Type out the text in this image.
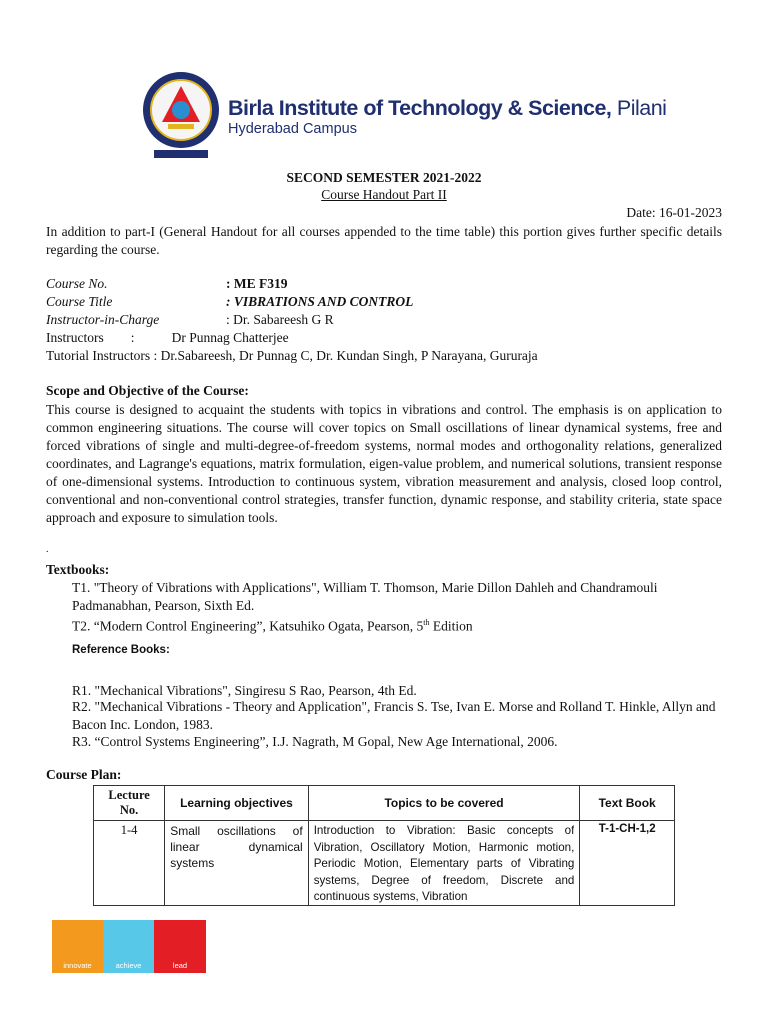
Birla Institute of Technology & Science, Pilani
Hyderabad Campus
SECOND SEMESTER 2021-2022
Course Handout Part II
Date: 16-01-2023
In addition to part-I (General Handout for all courses appended to the time table) this portion gives further specific details regarding the course.
Course No.	: ME F319
Course Title	: VIBRATIONS AND CONTROL
Instructor-in-Charge	: Dr. Sabareesh G R
Instructors        :           Dr Punnag Chatterjee
Tutorial Instructors : Dr.Sabareesh, Dr Punnag C, Dr. Kundan Singh, P Narayana, Gururaja
Scope and Objective of the Course:
This course is designed to acquaint the students with topics in vibrations and control. The emphasis is on application to common engineering situations. The course will cover topics on Small oscillations of linear dynamical systems, free and forced vibrations of single and multi-degree-of-freedom systems, normal modes and orthogonality relations, generalized coordinates, and Lagrange's equations, matrix formulation, eigen-value problem, and numerical solutions, transient response of one-dimensional systems. Introduction to continuous system, vibration measurement and analysis, closed loop control, conventional and non-conventional control strategies, transfer function, dynamic response, and stability criteria, state space approach and exposure to simulation tools.
.
Textbooks:
T1. "Theory of Vibrations with Applications", William T. Thomson, Marie Dillon Dahleh and Chandramouli Padmanabhan, Pearson, Sixth Ed.
T2. “Modern Control Engineering”, Katsuhiko Ogata, Pearson, 5th Edition
Reference Books:
R1. "Mechanical Vibrations", Singiresu S Rao, Pearson, 4th Ed.
R2. "Mechanical Vibrations - Theory and Application", Francis S. Tse, Ivan E. Morse and Rolland T. Hinkle, Allyn and Bacon Inc. London, 1983.
R3. “Control Systems Engineering”, I.J. Nagrath, M Gopal, New Age International, 2006.
Course Plan:
Lecture No.	Learning objectives	Topics to be covered	Text Book
1-4	Small oscillations of linear dynamical systems	Introduction to Vibration: Basic concepts of Vibration, Oscillatory Motion, Harmonic motion, Periodic Motion, Elementary parts of Vibrating systems, Degree of freedom, Discrete and continuous systems, Vibration	T-1-CH-1,2
innovate	achieve	lead
